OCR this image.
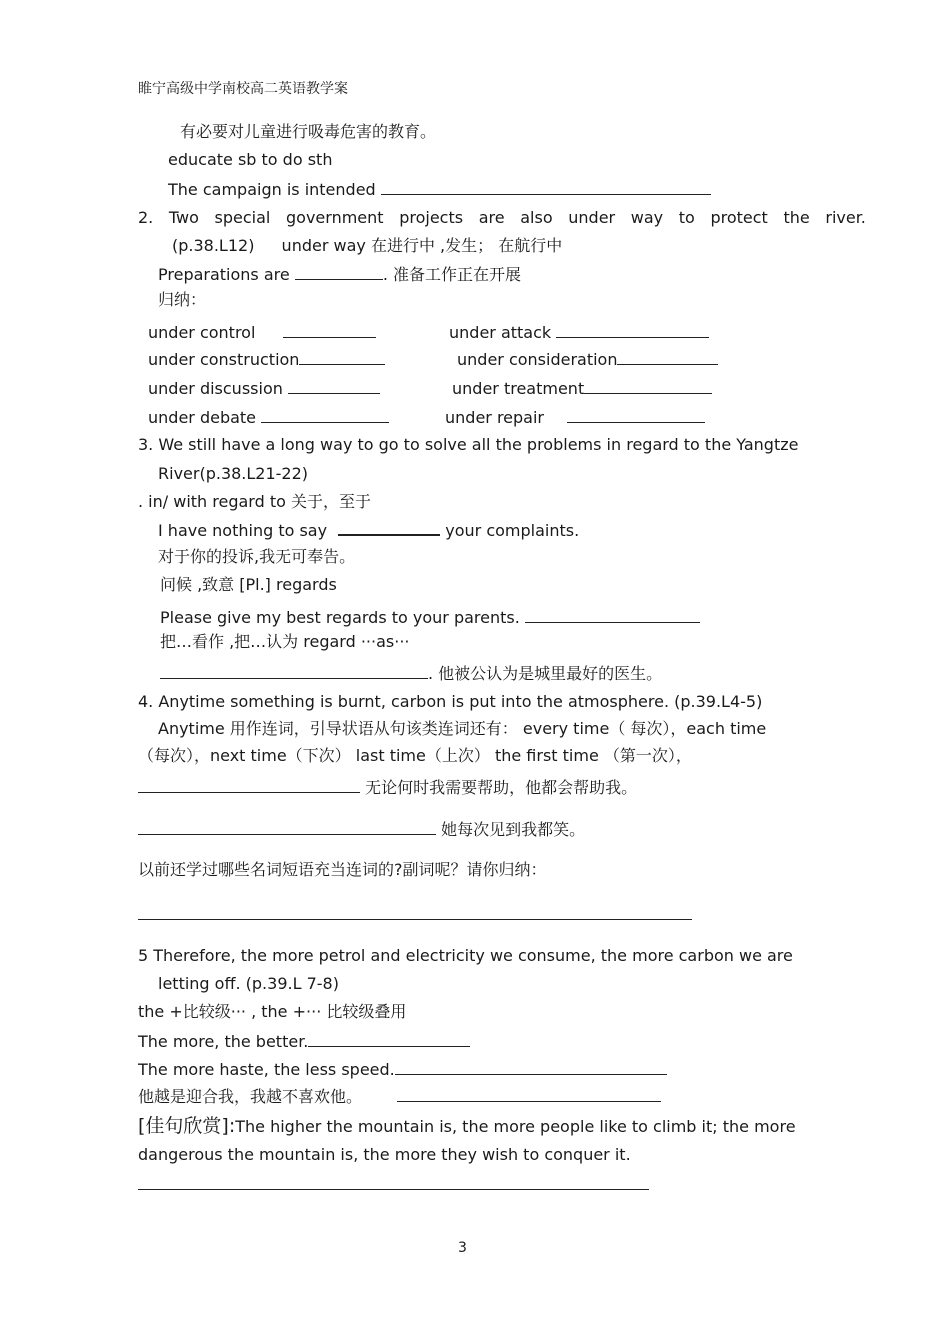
睢宁高级中学南校高二英语教学案
有必要对儿童进行吸毒危害的教育。
educate sb to do sth
The campaign is intended
2. Two special government projects are also under way to protect the river.
(p.38.L12) under way 在进行中 ,发生； 在航行中
Preparations are	. 准备工作正在开展
归纳：
under control	under attack
under construction	under consideration
under discussion	under treatment
under debate	under repair
3. We still have a long way to go to solve all the problems in regard to the Yangtze
River(p.38.L21-22)
. in/ with regard to 关于，至于
I have nothing to say	your complaints.
对于你的投诉,我无可奉告。
问候 ,致意 [Pl.] regards
Please give my best regards to your parents.
把…看作 ,把…认为 regard ···as···
. 他被公认为是城里最好的医生。
4. Anytime something is burnt, carbon is put into the atmosphere. (p.39.L4-5)
Anytime 用作连词，引导状语从句该类连词还有： every time（ 每次），each time
（每次），next time（下次） last time（上次） the first time （第一次），
无论何时我需要帮助，他都会帮助我。
她每次见到我都笑。
以前还学过哪些名词短语充当连词的?副词呢？请你归纳：
5 Therefore, the more petrol and electricity we consume, the more carbon we are
letting off. (p.39.L 7-8)
the +比较级··· , the +··· 比较级叠用
The more, the better.
The more haste, the less speed.
他越是迎合我，我越不喜欢他。
[佳句欣赏]:The higher the mountain is, the more people like to climb it; the more
dangerous the mountain is, the more they wish to conquer it.
3
